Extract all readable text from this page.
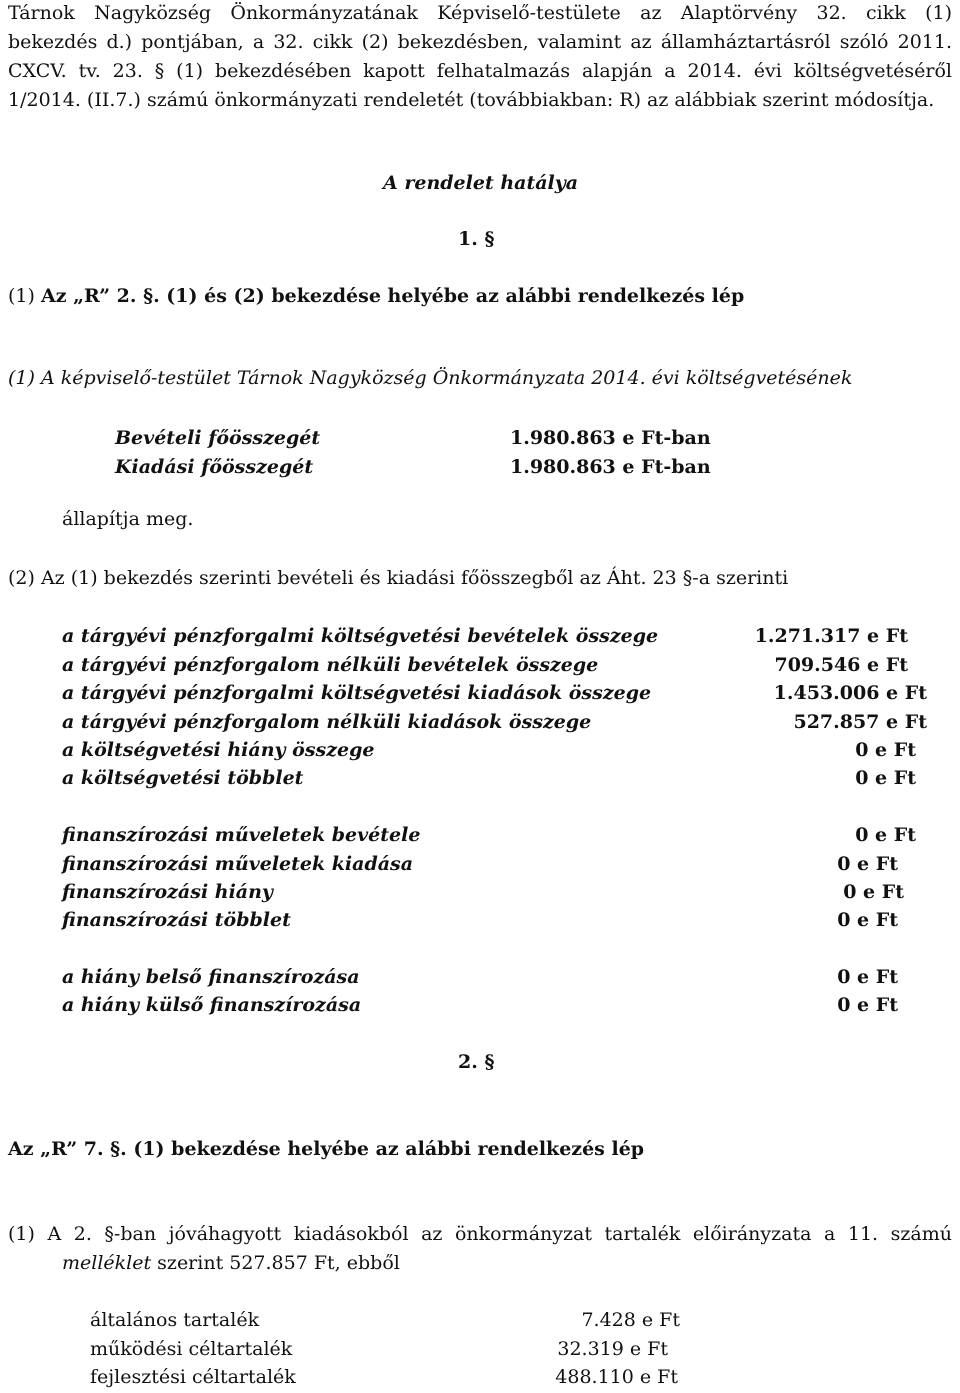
Tárnok Nagyközség Önkormányzatának Képviselő-testülete az Alaptörvény 32. cikk (1)
bekezdés d.) pontjában, a 32. cikk (2) bekezdésben, valamint az államháztartásról szóló 2011.
CXCV. tv. 23. § (1) bekezdésében kapott felhatalmazás alapján a 2014. évi költségvetéséről
1/2014. (II.7.) számú önkormányzati rendeletét (továbbiakban: R) az alábbiak szerint módosítja.
A rendelet hatálya
1. §
(1) Az „R” 2. §. (1) és (2) bekezdése helyébe az alábbi rendelkezés lép
(1) A képviselő-testület Tárnok Nagyközség Önkormányzata 2014. évi költségvetésének
Bevételi főösszegét	1.980.863 e Ft-ban
Kiadási főösszegét	1.980.863 e Ft-ban
állapítja meg.
(2) Az (1) bekezdés szerinti bevételi és kiadási főösszegből az Áht. 23 §-a szerinti
a tárgyévi pénzforgalmi költségvetési bevételek összege	1.271.317 e Ft
a tárgyévi pénzforgalom nélküli bevételek összege	709.546 e Ft
a tárgyévi pénzforgalmi költségvetési kiadások összege	1.453.006 e Ft
a tárgyévi pénzforgalom nélküli kiadások összege	527.857 e Ft
a költségvetési hiány összege	0 e Ft
a költségvetési többlet	0 e Ft
finanszírozási műveletek bevétele	0 e Ft
finanszírozási műveletek kiadása	0 e Ft
finanszírozási hiány	0 e Ft
finanszírozási többlet	0 e Ft
a hiány belső finanszírozása	0 e Ft
a hiány külső finanszírozása	0 e Ft
2. §
Az „R” 7. §. (1) bekezdése helyébe az alábbi rendelkezés lép
(1) A 2. §-ban jóváhagyott kiadásokból az önkormányzat tartalék előirányzata a 11. számú
melléklet szerint 527.857 Ft, ebből
általános tartalék	7.428 e Ft
működési céltartalék	32.319 e Ft
fejlesztési céltartalék	488.110 e Ft
